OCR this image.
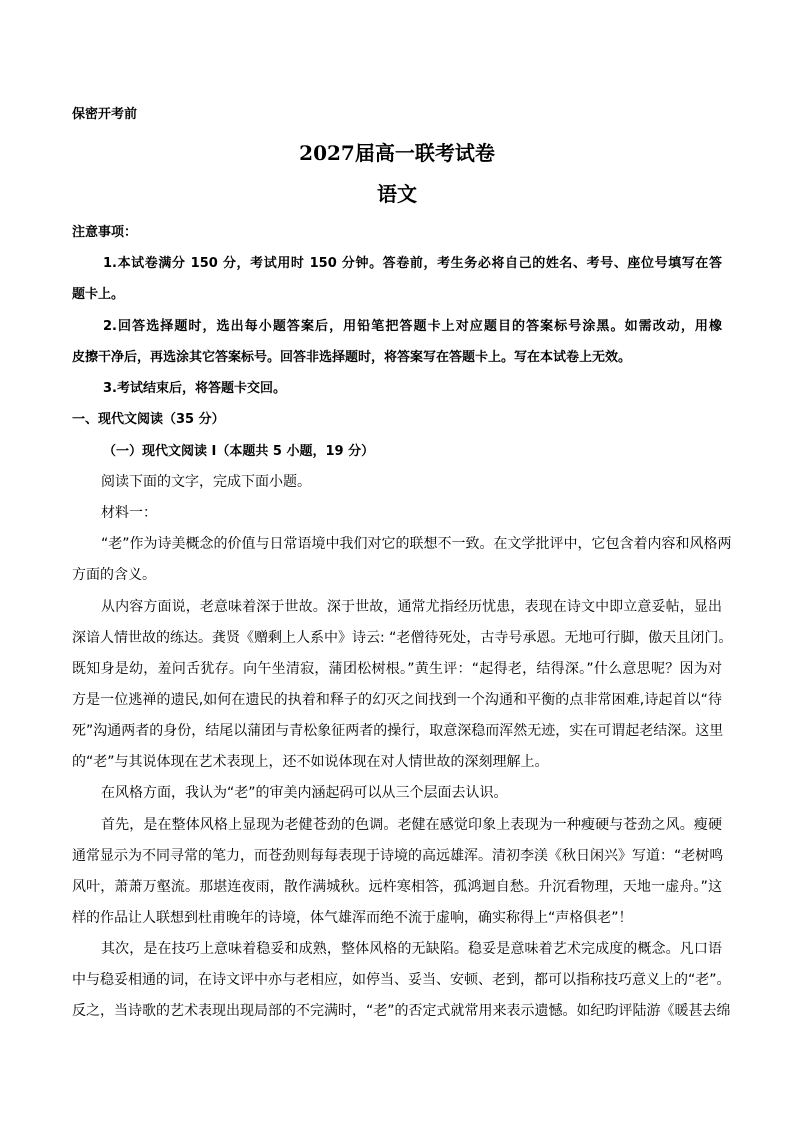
保密开考前
2027届高一联考试卷
语文
注意事项：
1.本试卷满分 150 分，考试用时 150 分钟。答卷前，考生务必将自己的姓名、考号、座位号填写在答
题卡上。
2.回答选择题时，选出每小题答案后，用铅笔把答题卡上对应题目的答案标号涂黑。如需改动，用橡
皮擦干净后，再选涂其它答案标号。回答非选择题时，将答案写在答题卡上。写在本试卷上无效。
3.考试结束后，将答题卡交回。
一、现代文阅读（35 分）
（一）现代文阅读 I（本题共 5 小题，19 分）
阅读下面的文字，完成下面小题。
材料一：
“老”作为诗美概念的价值与日常语境中我们对它的联想不一致。在文学批评中，它包含着内容和风格两
方面的含义。
从内容方面说，老意味着深于世故。深于世故，通常尤指经历忧患，表现在诗文中即立意妥帖，显出
深谙人情世故的练达。龚贤《赠剩上人系中》诗云: “老僧待死处，古寺号承恩。无地可行脚，傲天且闭门。
既知身是幼，羞问舌犹存。向午坐清寂，蒲团松树根。”黄生评：“起得老，结得深。”什么意思呢？因为对
方是一位逃禅的遗民,如何在遗民的执着和释子的幻灭之间找到一个沟通和平衡的点非常困难,诗起首以“待
死”沟通两者的身份，结尾以蒲团与青松象征两者的操行，取意深稳而浑然无迹，实在可谓起老结深。这里
的“老”与其说体现在艺术表现上，还不如说体现在对人情世故的深刻理解上。
在风格方面，我认为“老”的审美内涵起码可以从三个层面去认识。
首先，是在整体风格上显现为老健苍劲的色调。老健在感觉印象上表现为一种瘦硬与苍劲之风。瘦硬
通常显示为不同寻常的笔力，而苍劲则每每表现于诗境的高远雄浑。清初李渼《秋日闲兴》写道：“老树鸣
风叶，萧萧万壑流。那堪连夜雨，散作满城秋。远杵寒相答，孤鸿迴自愁。升沉看物理，天地一虚舟。”这
样的作品让人联想到杜甫晚年的诗境，体气雄浑而绝不流于虚响，确实称得上“声格俱老”！
其次，是在技巧上意味着稳妥和成熟，整体风格的无缺陷。稳妥是意味着艺术完成度的概念。凡口语
中与稳妥相通的词，在诗文评中亦与老相应，如停当、妥当、安顿、老到，都可以指称技巧意义上的“老”。
反之，当诗歌的艺术表现出现局部的不完满时，“老”的否定式就常用来表示遗憾。如纪昀评陆游《暖甚去绵
